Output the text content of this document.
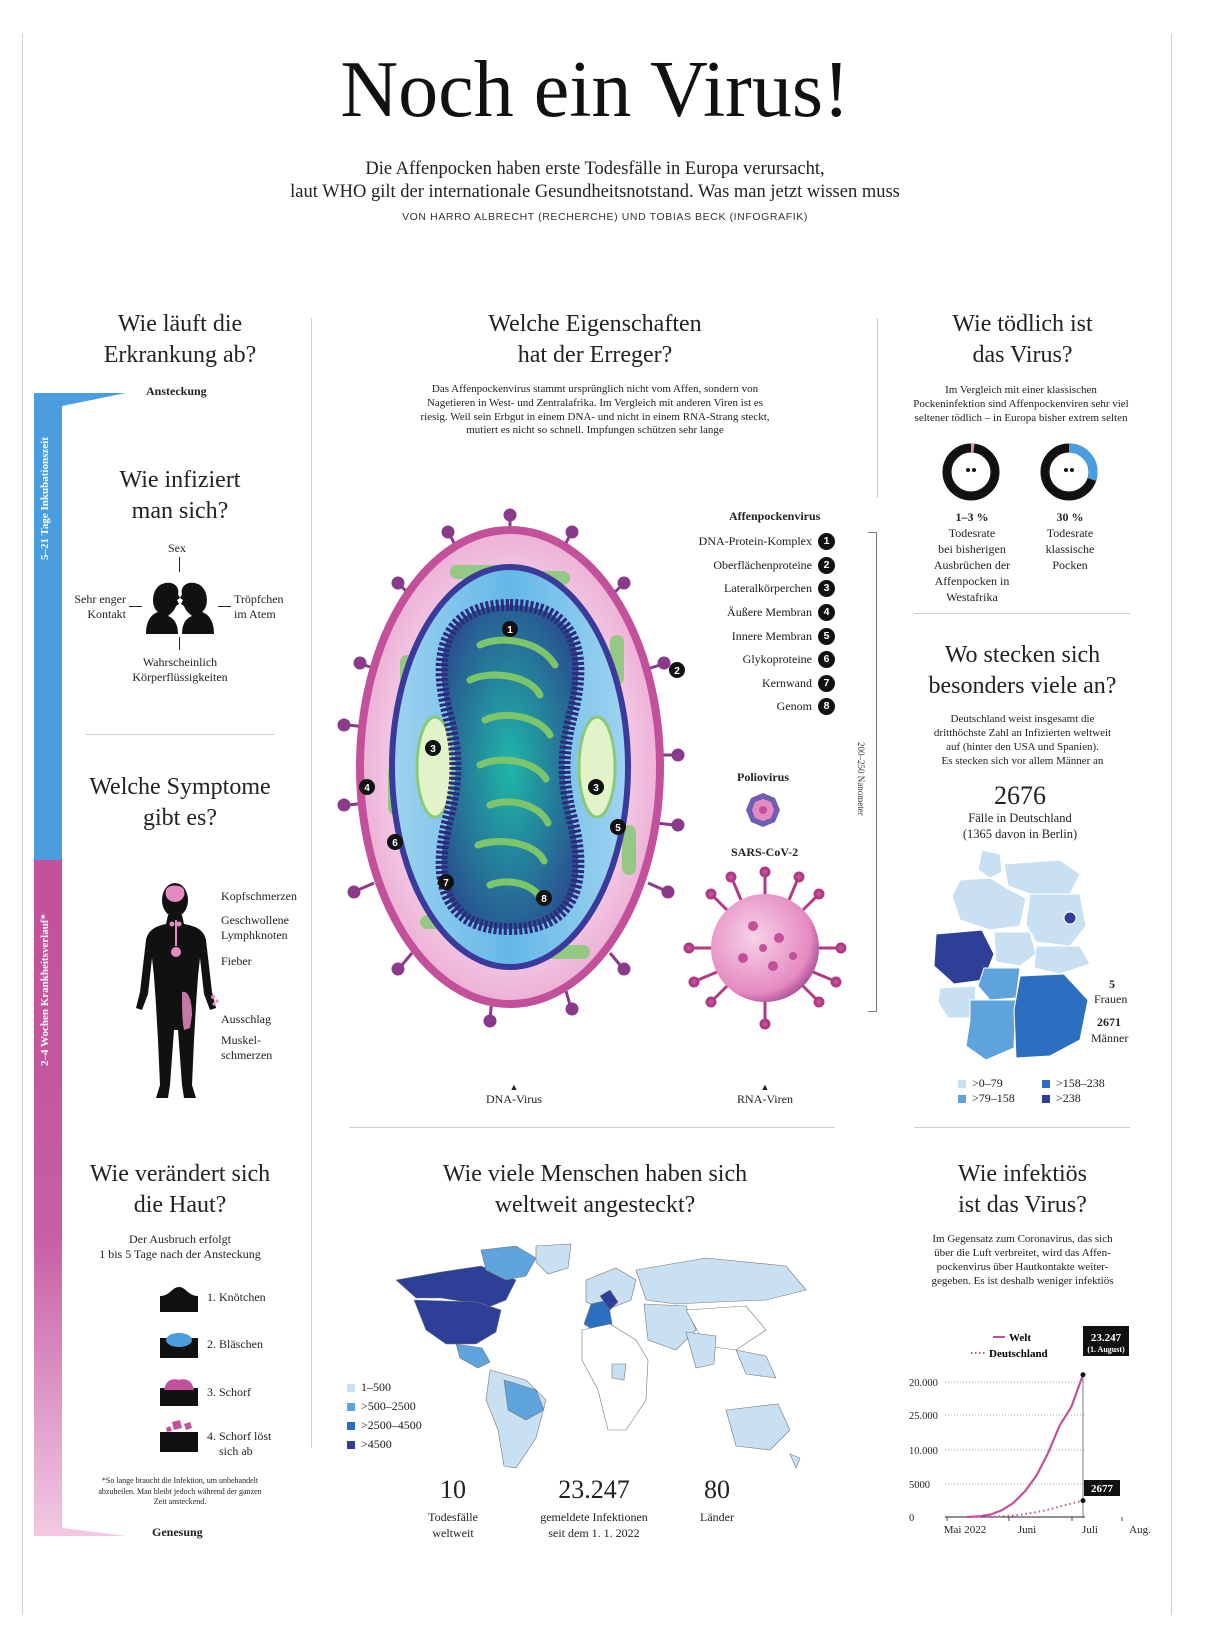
Noch ein Virus!
Die Affenpocken haben erste Todesfälle in Europa verursacht,
laut WHO gilt der internationale Gesundheitsnotstand. Was man jetzt wissen muss
VON HARRO ALBRECHT (RECHERCHE) UND TOBIAS BECK (INFOGRAFIK)
5–21 Tage Inkubationszeit
2–4 Wochen Krankheitsverlauf*
Wie läuft die
Erkrankung ab?
Ansteckung
Wie infiziert
man sich?
Sex
Sehr enger
Kontakt
Tröpfchen
im Atem
Wahrscheinlich
Körperflüssigkeiten
Welche Symptome
gibt es?
Kopfschmerzen
Geschwollene
Lymphknoten
Fieber
Ausschlag
Muskel-
schmerzen
Wie verändert sich
die Haut?
Der Ausbruch erfolgt
1 bis 5 Tage nach der Ansteckung
1. Knötchen
2. Bläschen
3. Schorf
4. Schorf löst
sich ab
*So lange braucht die Infektion, um unbehandelt
abzuheilen. Man bleibt jedoch während der ganzen
Zeit ansteckend.
Genesung
Welche Eigenschaften
hat der Erreger?
Das Affenpockenvirus stammt ursprünglich nicht vom Affen, sondern von
Nagetieren in West- und Zentralafrika. Im Vergleich mit anderen Viren ist es
riesig. Weil sein Erbgut in einem DNA- und nicht in einem RNA-Strang steckt,
mutiert es nicht so schnell. Impfungen schützen sehr lange
1
2
3
3
4
5
6
7
8
Affenpockenvirus
DNA-Protein-Komplex	1
Oberflächenproteine	2
Lateralkörperchen	3
Äußere Membran	4
Innere Membran	5
Glykoproteine	6
Kernwand	7
Genom	8
200–250 Nanometer
Poliovirus
SARS-CoV-2
▲
DNA-Virus
▲
RNA-Viren
Wie viele Menschen haben sich
weltweit angesteckt?
1–500
>500–2500
>2500–4500
>4500
10
Todesfälle
weltweit
23.247
gemeldete Infektionen
seit dem 1. 1. 2022
80
Länder
Wie tödlich ist
das Virus?
Im Vergleich mit einer klassischen
Pockeninfektion sind Affenpockenviren sehr viel
seltener tödlich – in Europa bisher extrem selten
1–3 %
Todesrate
bei bisherigen
Ausbrüchen der
Affenpocken in
Westafrika
30 %
Todesrate
klassische
Pocken
Wo stecken sich
besonders viele an?
Deutschland weist insgesamt die
dritthöchste Zahl an Infizierten weltweit
auf (hinter den USA und Spanien).
Es stecken sich vor allem Männer an
2676
Fälle in Deutschland
(1365 davon in Berlin)
5
Frauen
2671
Männer
>0–79	>158–238
>79–158	>238
Wie infektiös
ist das Virus?
Im Gegensatz zum Coronavirus, das sich
über die Luft verbreitet, wird das Affen-
pockenvirus über Hautkontakte weiter-
gegeben. Es ist deshalb weniger infektiös
20.000
25.000
10.000
5000
0
Mai 2022	Juni	Juli	Aug.
Welt
Deutschland
23.247
(1. August)
2677
